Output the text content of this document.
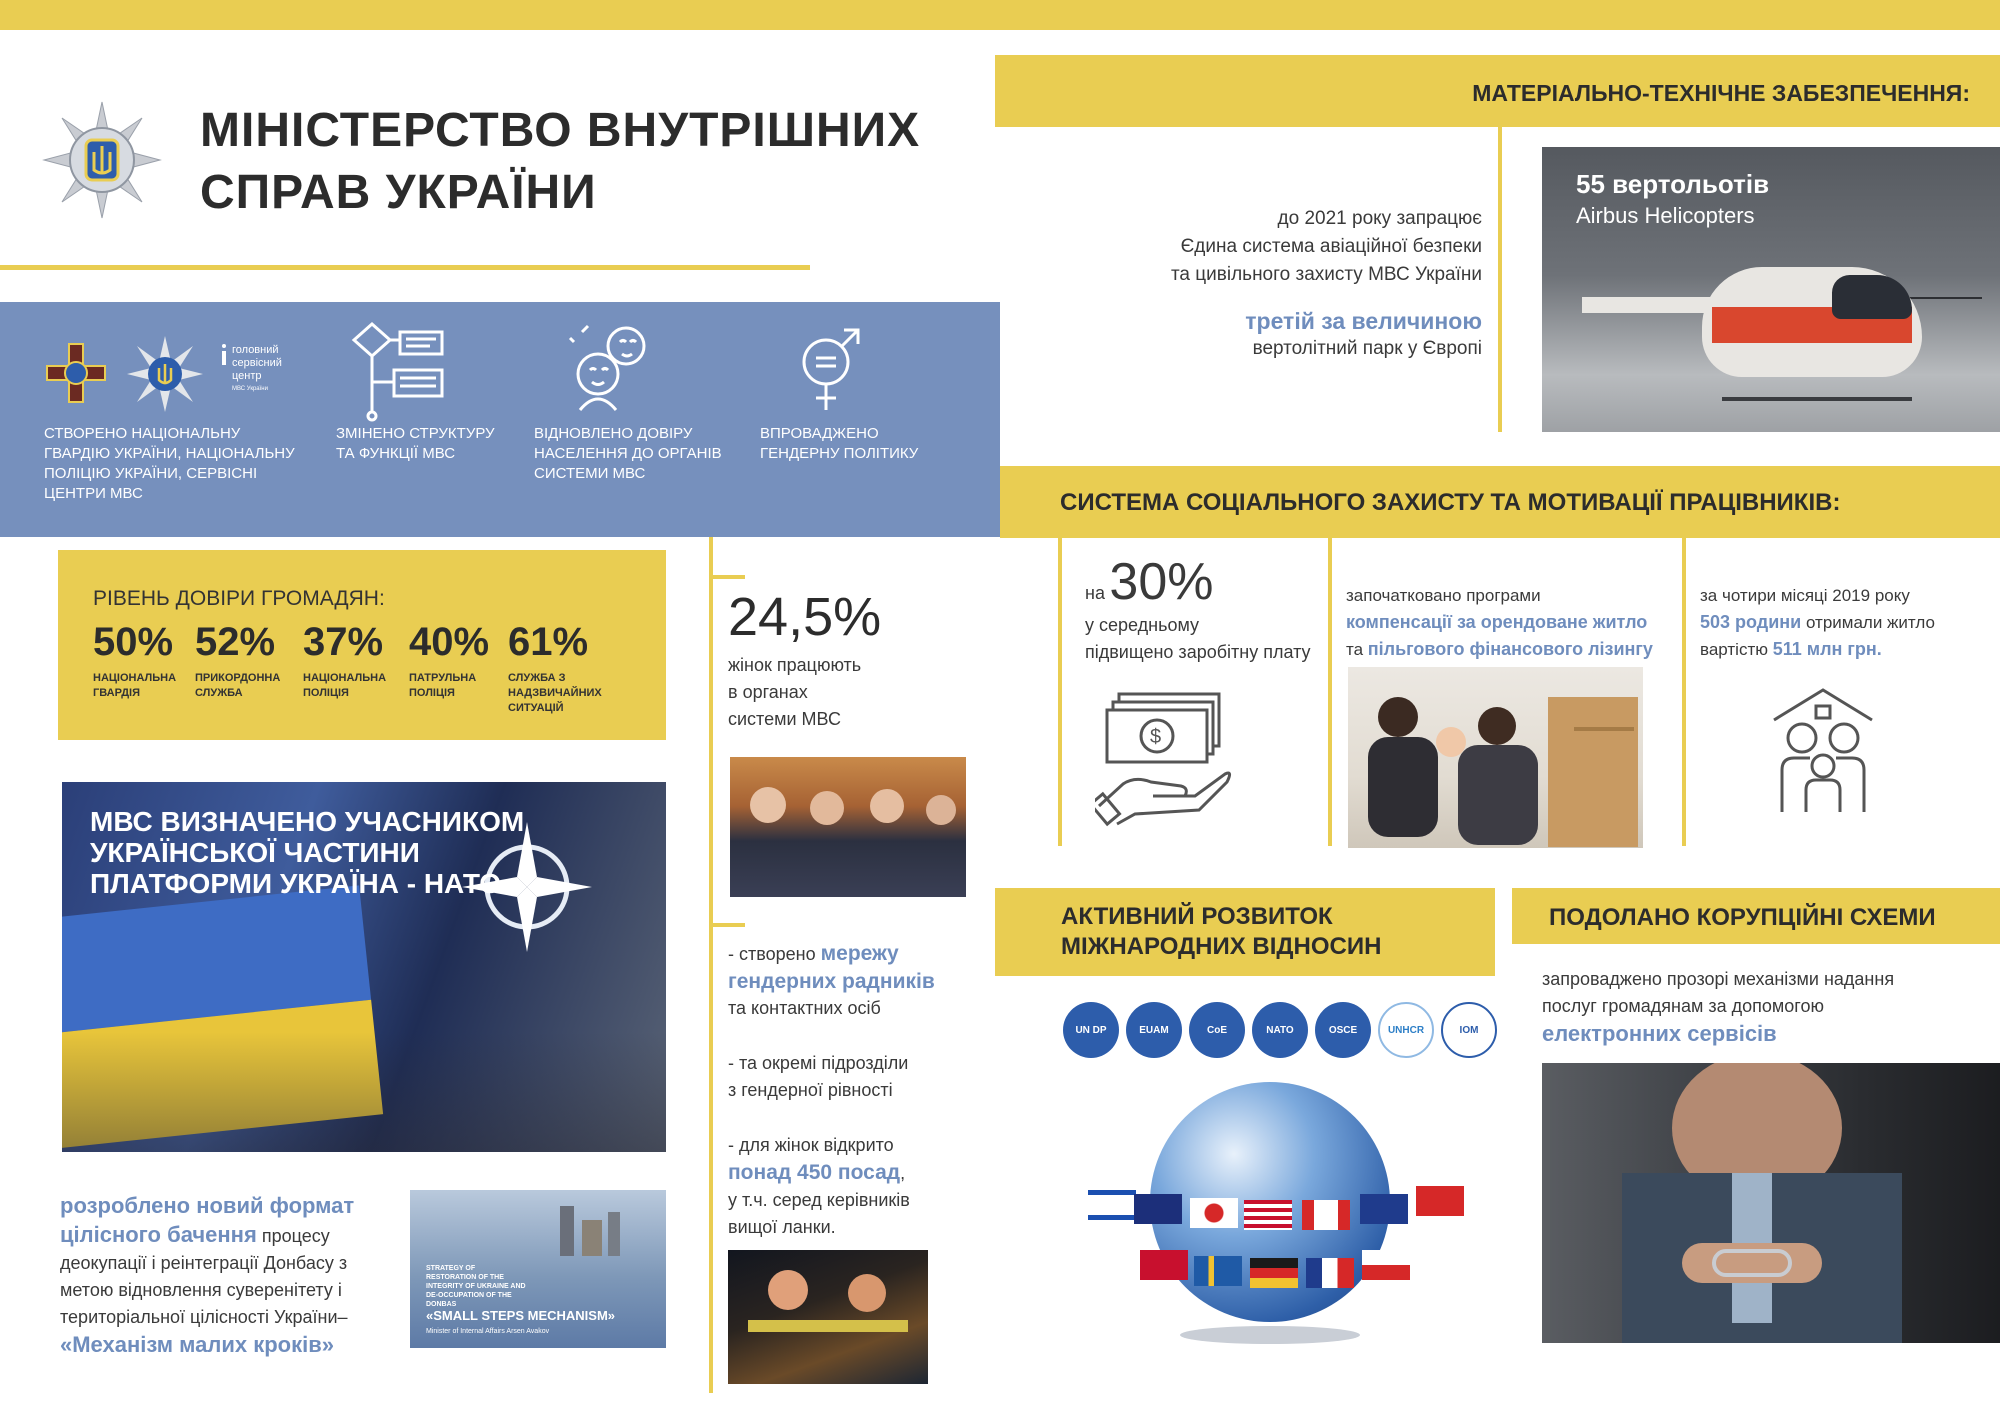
МІНІСТЕРСТВО ВНУТРІШНИХ
СПРАВ УКРАЇНИ
головний
сервісний
центр
МВС України
СТВОРЕНО НАЦІОНАЛЬНУ ГВАРДІЮ УКРАЇНИ, НАЦІОНАЛЬНУ ПОЛІЦІЮ УКРАЇНИ, СЕРВІСНІ ЦЕНТРИ МВС
ЗМІНЕНО СТРУКТУРУ ТА ФУНКЦІЇ МВС
ВІДНОВЛЕНО ДОВІРУ НАСЕЛЕННЯ ДО ОРГАНІВ СИСТЕМИ МВС
ВПРОВАДЖЕНО ГЕНДЕРНУ ПОЛІТИКУ
РІВЕНЬ ДОВІРИ ГРОМАДЯН:
50%
НАЦІОНАЛЬНА ГВАРДІЯ
52%
ПРИКОРДОННА СЛУЖБА
37%
НАЦІОНАЛЬНА ПОЛІЦІЯ
40%
ПАТРУЛЬНА ПОЛІЦІЯ
61%
СЛУЖБА З НАДЗВИЧАЙНИХ СИТУАЦІЙ
МВС ВИЗНАЧЕНО УЧАСНИКОМ
УКРАЇНСЬКОЇ ЧАСТИНИ
ПЛАТФОРМИ УКРАЇНА - НАТО
розроблено новий формат цілісного бачення процесу деокупації і реінтеграції Донбасу з метою відновлення суверенітету і територіальної цілісності України– «Механізм малих кроків»
STRATEGY OF RESTORATION OF THE INTEGRITY OF UKRAINE AND DE-OCCUPATION OF THE DONBAS
«SMALL STEPS MECHANISM»
Minister of Internal Affairs Arsen Avakov
24,5%
жінок працюють
в органах
системи МВС
- створено мережу
гендерних радників
та контактних осіб
- та окремі підрозділи
з гендерної рівності
- для жінок відкрито
понад 450 посад,
у т.ч. серед керівників
вищої ланки.
МАТЕРІАЛЬНО-ТЕХНІЧНЕ ЗАБЕЗПЕЧЕННЯ:
до 2021 року запрацює
Єдина система авіаційної безпеки
та цивільного захисту МВС України
третій за величиною
вертолітний парк у Європі
55 вертольотів
Airbus Helicopters
СИСТЕМА СОЦІАЛЬНОГО ЗАХИСТУ ТА МОТИВАЦІЇ ПРАЦІВНИКІВ:
на 30%
у середньому
підвищено заробітну плату
$
започатковано програми
компенсації за орендоване житло
та пільгового фінансового лізингу
за чотири місяці 2019 року
503 родини отримали житло
вартістю 511 млн грн.
АКТИВНИЙ РОЗВИТОК
МІЖНАРОДНИХ ВІДНОСИН
UN DP	EUAM	CoE	NATO	OSCE	UNHCR	IOM
ПОДОЛАНО КОРУПЦІЙНІ СХЕМИ
запроваджено прозорі механізми надання
послуг громадянам за допомогою
електронних сервісів
